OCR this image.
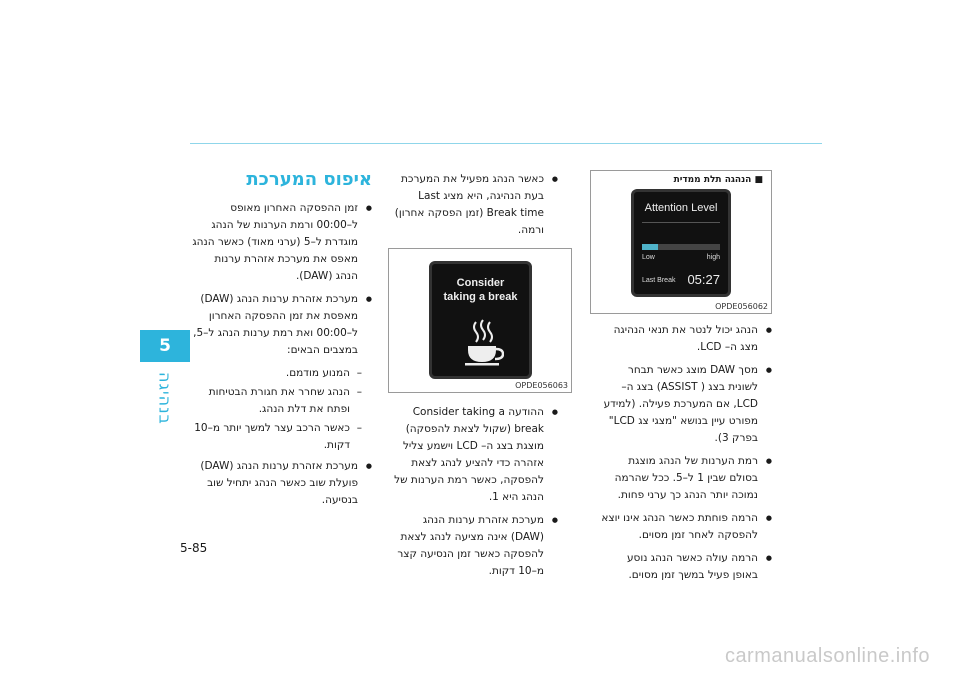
5
בנהיגה
■ הנהגה תלת ממדית
Attention Level
Low	high
Last Break 05:27
OPDE056062
● הנהג יכול לנטר את תנאי הנהיגה מצג ה– LCD.
● מסך DAW מוצג כאשר תבחר לשונית בצג ( ASSIST) בצג ה– LCD, אם המערכת פעילה. (למידע מפורט עיין בנושא "מצגי צג LCD" בפרק 3).
● רמת הערנות של הנהג מוצגת בסולם שבין 1 ל–5. ככל שהרמה נמוכה יותר הנהג כך ערני פחות.
● הרמה פוחתת כאשר הנהג אינו יוצא להפסקה לאחר זמן מסוים.
● הרמה עולה כאשר הנהג נוסע באופן פעיל במשך זמן מסוים.
● כאשר הנהג מפעיל את המערכת בעת הנהיגה, היא מציג Last Break time (זמן הפסקה אחרון) ורמה.
Consider
taking a break
OPDE056063
● ההודעה Consider taking a break (שקול לצאת להפסקה) מוצגת בצג ה– LCD וישמע צליל אזהרה כדי להציע לנהג לצאת להפסקה, כאשר רמת הערנות של הנהג היא 1.
● מערכת אזהרת ערנות הנהג (DAW) אינה מציעה לנהג לצאת להפסקה כאשר זמן הנסיעה קצר מ–10 דקות.
איפוס המערכת
● זמן ההפסקה האחרון מאופס ל–00:00 ורמת הערנות של הנהג מוגדרת ל–5 (ערני מאוד) כאשר הנהג מאפס את מערכת אזהרת ערנות הנהג (DAW).
● מערכת אזהרת ערנות הנהג (DAW) מאפסת את זמן ההפסקה האחרון ל–00:00 ואת רמת ערנות הנהג ל–5, במצבים הבאים:
– המנוע מודמם.
– הנהג שחרר את חגורת הבטיחות ופתח את דלת הנהג.
– כאשר הרכב עצר למשך יותר מ–10 דקות.
● מערכת אזהרת ערנות הנהג (DAW) פועלת שוב כאשר הנהג יתחיל שוב בנסיעה.
5-85
carmanualsonline.info
